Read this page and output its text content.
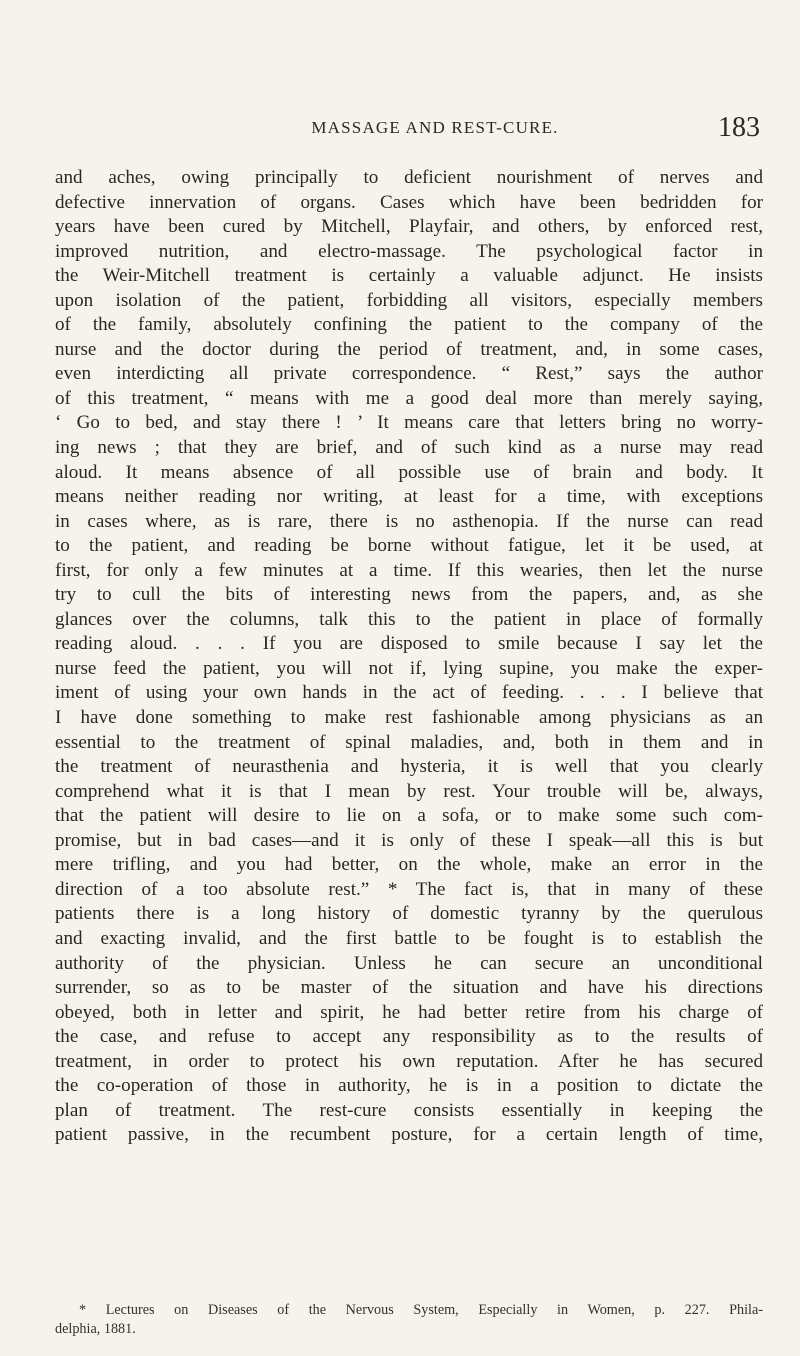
MASSAGE AND REST-CURE.	183
and aches, owing principally to deficient nourishment of nerves and
defective innervation of organs. Cases which have been bedridden for
years have been cured by Mitchell, Playfair, and others, by enforced rest,
improved nutrition, and electro-massage. The psychological factor in
the Weir-Mitchell treatment is certainly a valuable adjunct. He insists
upon isolation of the patient, forbidding all visitors, especially members
of the family, absolutely confining the patient to the company of the
nurse and the doctor during the period of treatment, and, in some cases,
even interdicting all private correspondence. “ Rest,” says the author
of this treatment, “ means with me a good deal more than merely saying,
‘ Go to bed, and stay there ! ’ It means care that letters bring no worry-
ing news ; that they are brief, and of such kind as a nurse may read
aloud. It means absence of all possible use of brain and body. It
means neither reading nor writing, at least for a time, with exceptions
in cases where, as is rare, there is no asthenopia. If the nurse can read
to the patient, and reading be borne without fatigue, let it be used, at
first, for only a few minutes at a time. If this wearies, then let the nurse
try to cull the bits of interesting news from the papers, and, as she
glances over the columns, talk this to the patient in place of formally
reading aloud. . . . If you are disposed to smile because I say let the
nurse feed the patient, you will not if, lying supine, you make the exper-
iment of using your own hands in the act of feeding. . . . I believe that
I have done something to make rest fashionable among physicians as an
essential to the treatment of spinal maladies, and, both in them and in
the treatment of neurasthenia and hysteria, it is well that you clearly
comprehend what it is that I mean by rest. Your trouble will be, always,
that the patient will desire to lie on a sofa, or to make some such com-
promise, but in bad cases—and it is only of these I speak—all this is but
mere trifling, and you had better, on the whole, make an error in the
direction of a too absolute rest.” * The fact is, that in many of these
patients there is a long history of domestic tyranny by the querulous
and exacting invalid, and the first battle to be fought is to establish the
authority of the physician. Unless he can secure an unconditional
surrender, so as to be master of the situation and have his directions
obeyed, both in letter and spirit, he had better retire from his charge of
the case, and refuse to accept any responsibility as to the results of
treatment, in order to protect his own reputation. After he has secured
the co-operation of those in authority, he is in a position to dictate the
plan of treatment. The rest-cure consists essentially in keeping the
patient passive, in the recumbent posture, for a certain length of time,
* Lectures on Diseases of the Nervous System, Especially in Women, p. 227. Phila-
delphia, 1881.
